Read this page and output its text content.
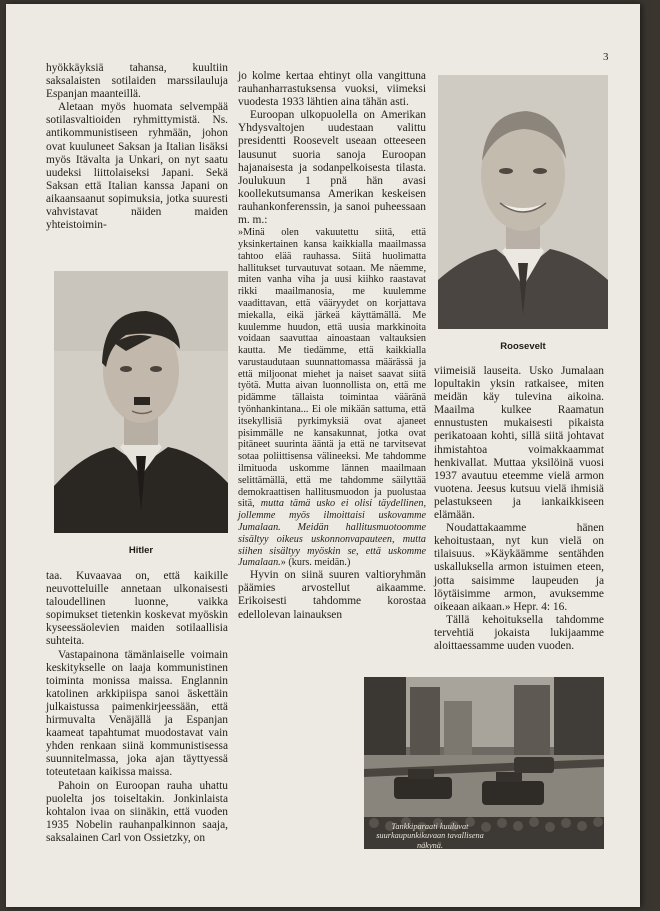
3

hyökkäyksiä tahansa, kuultiin saksalaisten sotilaiden marssilauluja Espanjan maanteillä.

Aletaan myös huomata selvempää sotilasvaltioiden ryhmittymistä. Ns. antikommunistiseen ryhmään, johon ovat kuuluneet Saksan ja Italian lisäksi myös Itävalta ja Unkari, on nyt saatu uudeksi liittolaiseksi Japani. Sekä Saksan että Italian kanssa Japani on aikaansaanut sopimuksia, jotka suuresti vahvistavat näiden maiden yhteistoimin-

Hitler

taa. Kuvaavaa on, että kaikille neuvotteluille annetaan ulkonaisesti taloudellinen luonne, vaikka sopimukset tietenkin koskevat myöskin kyseessäolevien maiden sotilaallisia suhteita.

Vastapainona tämänlaiselle voimain keskitykselle on laaja kommunistinen toiminta monissa maissa. Englannin katolinen arkkipiispa sanoi äskettäin julkaistussa paimenkirjeessään, että hirmuvalta Venäjällä ja Espanjan kaameat tapahtumat muodostavat vain yhden renkaan siinä kommunistisessa suunnitelmassa, joka ajan täyttyessä toteutetaan kaikissa maissa.

Pahoin on Euroopan rauha uhattu puolelta jos toiseltakin. Jonkinlaista kohtalon ivaa on siinäkin, että vuoden 1935 Nobelin rauhanpalkinnon saaja, saksalainen Carl von Ossietzky, on

jo kolme kertaa ehtinyt olla vangittuna rauhanharrastuksensa vuoksi, viimeksi vuodesta 1933 lähtien aina tähän asti.

Euroopan ulkopuolella on Amerikan Yhdysvaltojen uudestaan valittu presidentti Roosevelt useaan otteeseen lausunut suoria sanoja Euroopan hajanaisesta ja sodanpelkoisesta tilasta. Joulukuun 1 pnä hän avasi koollekutsumansa Amerikan keskeisen rauhankonferenssin, ja sanoi puheessaan m. m.:

»Minä olen vakuutettu siitä, että yksinkertainen kansa kaikkialla maailmassa tahtoo elää rauhassa. Siitä huolimatta hallitukset turvautuvat sotaan. Me näemme, miten vanha viha ja uusi kiihko raastavat rikki maailmanosia, me kuulemme vaadittavan, että vääryydet on korjattava miekalla, eikä järkeä käyttämällä. Me kuulemme huudon, että uusia markkinoita voidaan saavuttaa ainoastaan valtauksien kautta. Me tiedämme, että kaikkialla varustaudutaan suunnattomassa määrässä ja että miljoonat miehet ja naiset saavat siitä työtä. Mutta aivan luonnollista on, että me pidämme tällaista toimintaa vääränä työnhankintana... Ei ole mikään sattuma, että itsekyllisiä pyrkimyksiä ovat ajaneet pisimmälle ne kansakunnat, jotka ovat pitäneet suurinta ääntä ja että ne tarvitsevat sotaa poliittisensa välineeksi. Me tahdomme ilmituoda uskomme lännen maailmaan selittämällä, että me tahdomme säilyttää demokraattisen hallitusmuodon ja puolustaa sitä, mutta tämä usko ei olisi täydellinen, jollemme myös ilmoittaisi uskovamme Jumalaan. Meidän hallitusmuotoomme sisältyy oikeus uskonnonvapauteen, mutta siihen sisältyy myöskin se, että uskomme Jumalaan.» (kurs. meidän.)

Hyvin on siinä suuren valtioryhmän päämies arvostellut aikaamme. Erikoisesti tahdomme korostaa edellolevan lainauksen

Roosevelt

viimeisiä lauseita. Usko Jumalaan lopultakin yksin ratkaisee, miten meidän käy tulevina aikoina. Maailma kulkee Raamatun ennustusten mukaisesti pikaista perikatoaan kohti, sillä siitä johtavat ihmistahtoa voimakkaammat henkivallat. Muttaa yksilöinä vuosi 1937 avautuu eteemme vielä armon vuotena. Jeesus kutsuu vielä ihmisiä pelastukseen ja iankaikkiseen elämään.

Noudattakaamme hänen kehoitustaan, nyt kun vielä on tilaisuus. »Käykäämme sentähden uskalluksella armon istuimen eteen, jotta saisimme laupeuden ja löytäisimme armon, avuksemme oikeaan aikaan.» Hepr. 4: 16.

Tällä kehoituksella tahdomme tervehtiä jokaista lukijaamme aloittaessamme uuden vuoden.

Tankkiparaati kuuluvat suurkaupunkikuvaan tavallisena näkynä.
